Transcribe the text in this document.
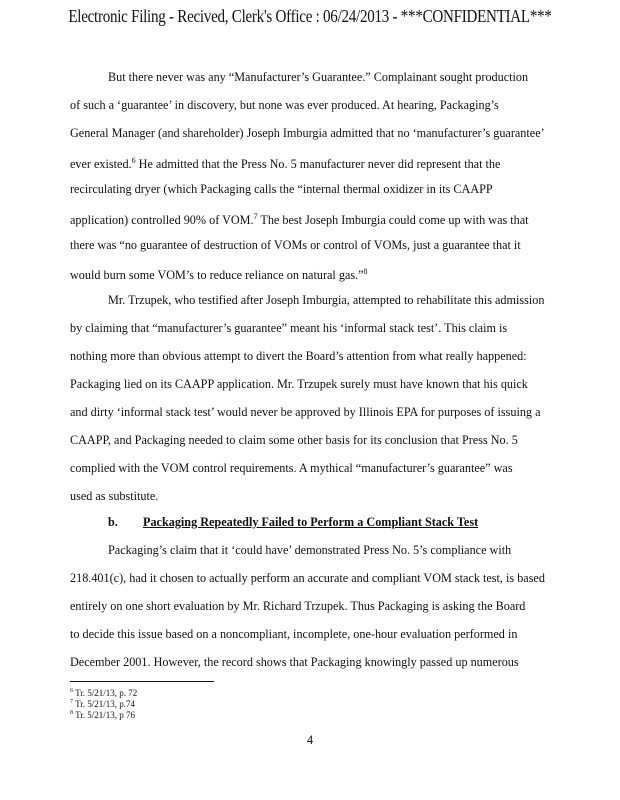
Electronic Filing - Recived, Clerk's Office : 06/24/2013 - ***CONFIDENTIAL***
But there never was any “Manufacturer’s Guarantee.” Complainant sought production
of such a ‘guarantee’ in discovery, but none was ever produced. At hearing, Packaging’s
General Manager (and shareholder) Joseph Imburgia admitted that no ‘manufacturer’s guarantee’
ever existed.$^6$ He admitted that the Press No. 5 manufacturer never did represent that the
recirculating dryer (which Packaging calls the “internal thermal oxidizer in its CAAPP
application) controlled 90% of VOM.$^7$ The best Joseph Imburgia could come up with was that
there was “no guarantee of destruction of VOMs or control of VOMs, just a guarantee that it
would burn some VOM’s to reduce reliance on natural gas.”$^8$
Mr. Trzupek, who testified after Joseph Imburgia, attempted to rehabilitate this admission
by claiming that “manufacturer’s guarantee” meant his ‘informal stack test’. This claim is
nothing more than obvious attempt to divert the Board’s attention from what really happened:
Packaging lied on its CAAPP application. Mr. Trzupek surely must have known that his quick
and dirty ‘informal stack test’ would never be approved by Illinois EPA for purposes of issuing a
CAAPP, and Packaging needed to claim some other basis for its conclusion that Press No. 5
complied with the VOM control requirements. A mythical “manufacturer’s guarantee” was
used as substitute.
b. Packaging Repeatedly Failed to Perform a Compliant Stack Test
Packaging’s claim that it ‘could have’ demonstrated Press No. 5’s compliance with
218.401(c), had it chosen to actually perform an accurate and compliant VOM stack test, is based
entirely on one short evaluation by Mr. Richard Trzupek. Thus Packaging is asking the Board
to decide this issue based on a noncompliant, incomplete, one-hour evaluation performed in
December 2001. However, the record shows that Packaging knowingly passed up numerous
$^6$ Tr. 5/21/13, p. 72
$^7$ Tr. 5/21/13, p.74
$^8$ Tr. 5/21/13, p 76
4
